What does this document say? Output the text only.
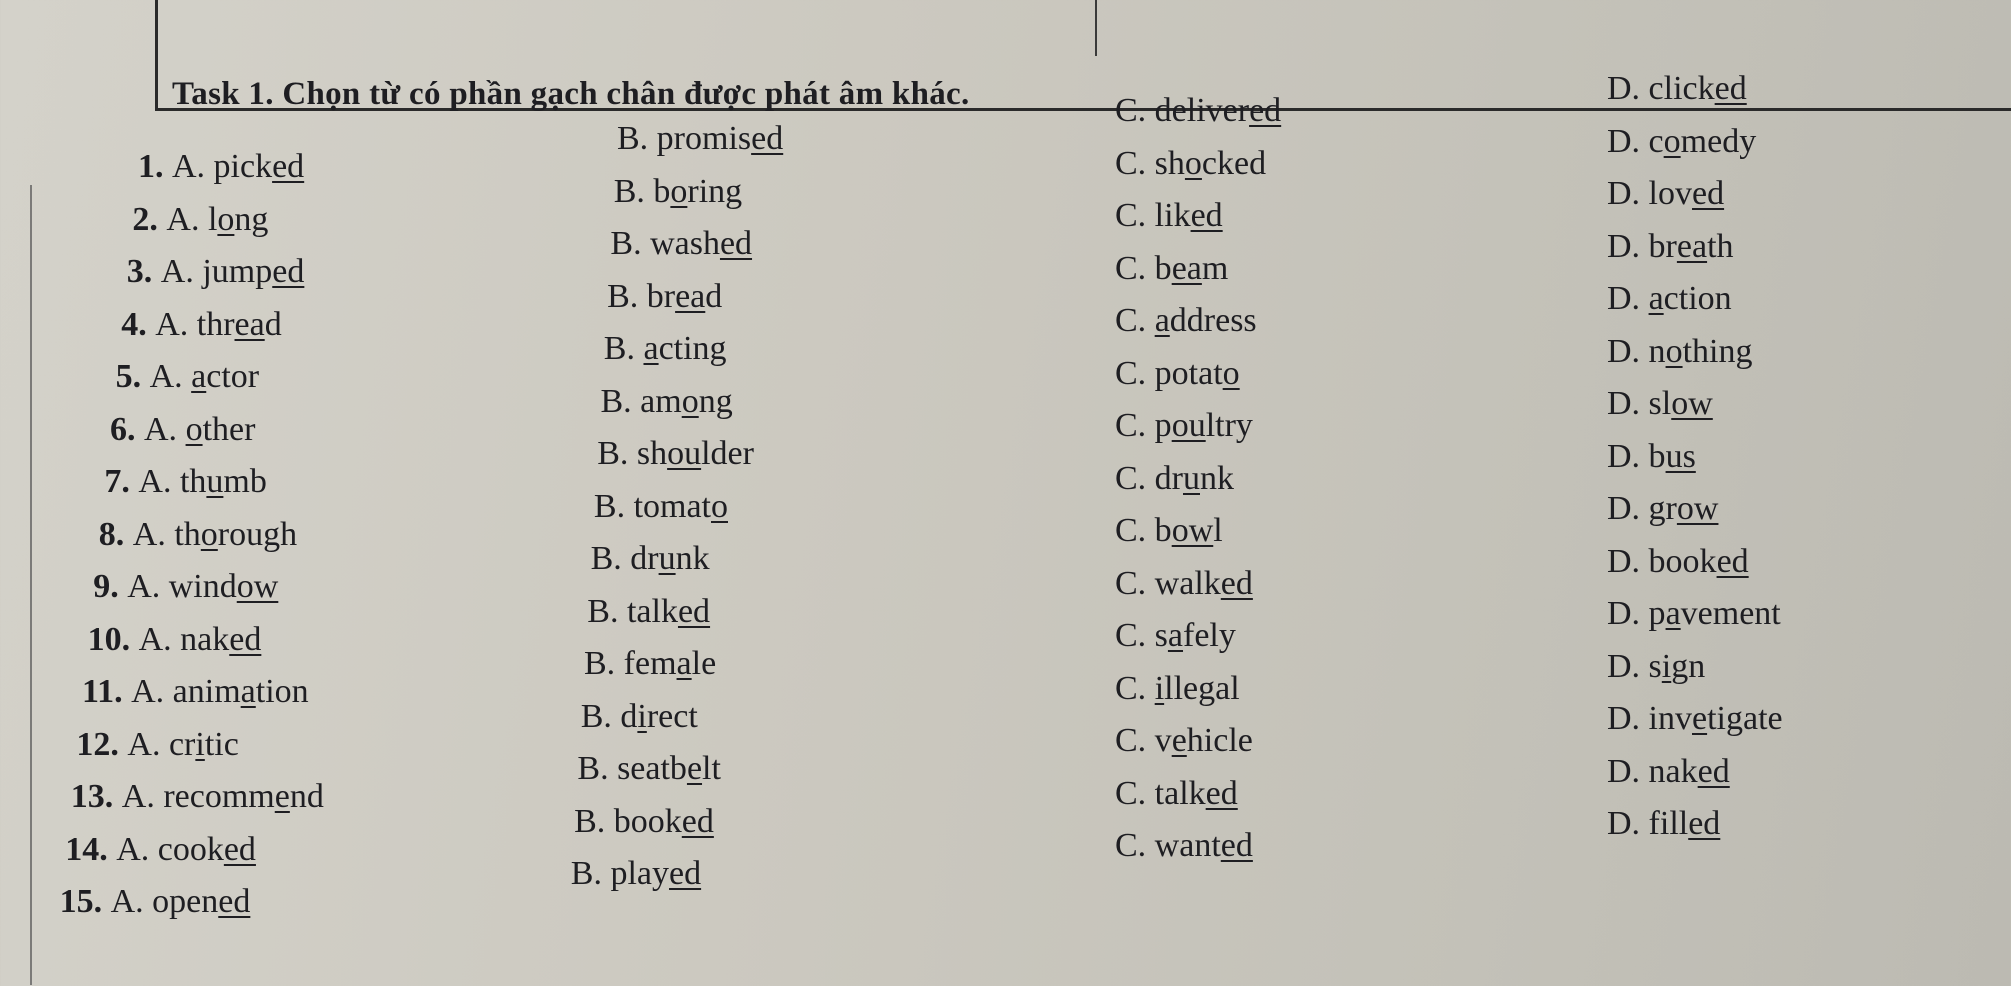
Task 1. Chọn từ có phần gạch chân được phát âm khác.
1. A. picked
B. promised
C. delivered
D. clicked
2. A. long
B. boring
C. shocked
D. comedy
3. A. jumped
B. washed
C. liked
D. loved
4. A. thread
B. bread
C. beam
D. breath
5. A. actor
B. acting
C. address
D. action
6. A. other
B. among
C. potato
D. nothing
7. A. thumb
B. shoulder
C. poultry
D. slow
8. A. thorough
B. tomato
C. drunk
D. bus
9. A. window
B. drunk
C. bowl
D. grow
10. A. naked
B. talked
C. walked
D. booked
11. A. animation
B. female
C. safely
D. pavement
12. A. critic
B. direct
C. illegal
D. sign
13. A. recommend
B. seatbelt
C. vehicle
D. invetigate
14. A. cooked
B. booked
C. talked
D. naked
15. A. opened
B. played
C. wanted
D. filled
